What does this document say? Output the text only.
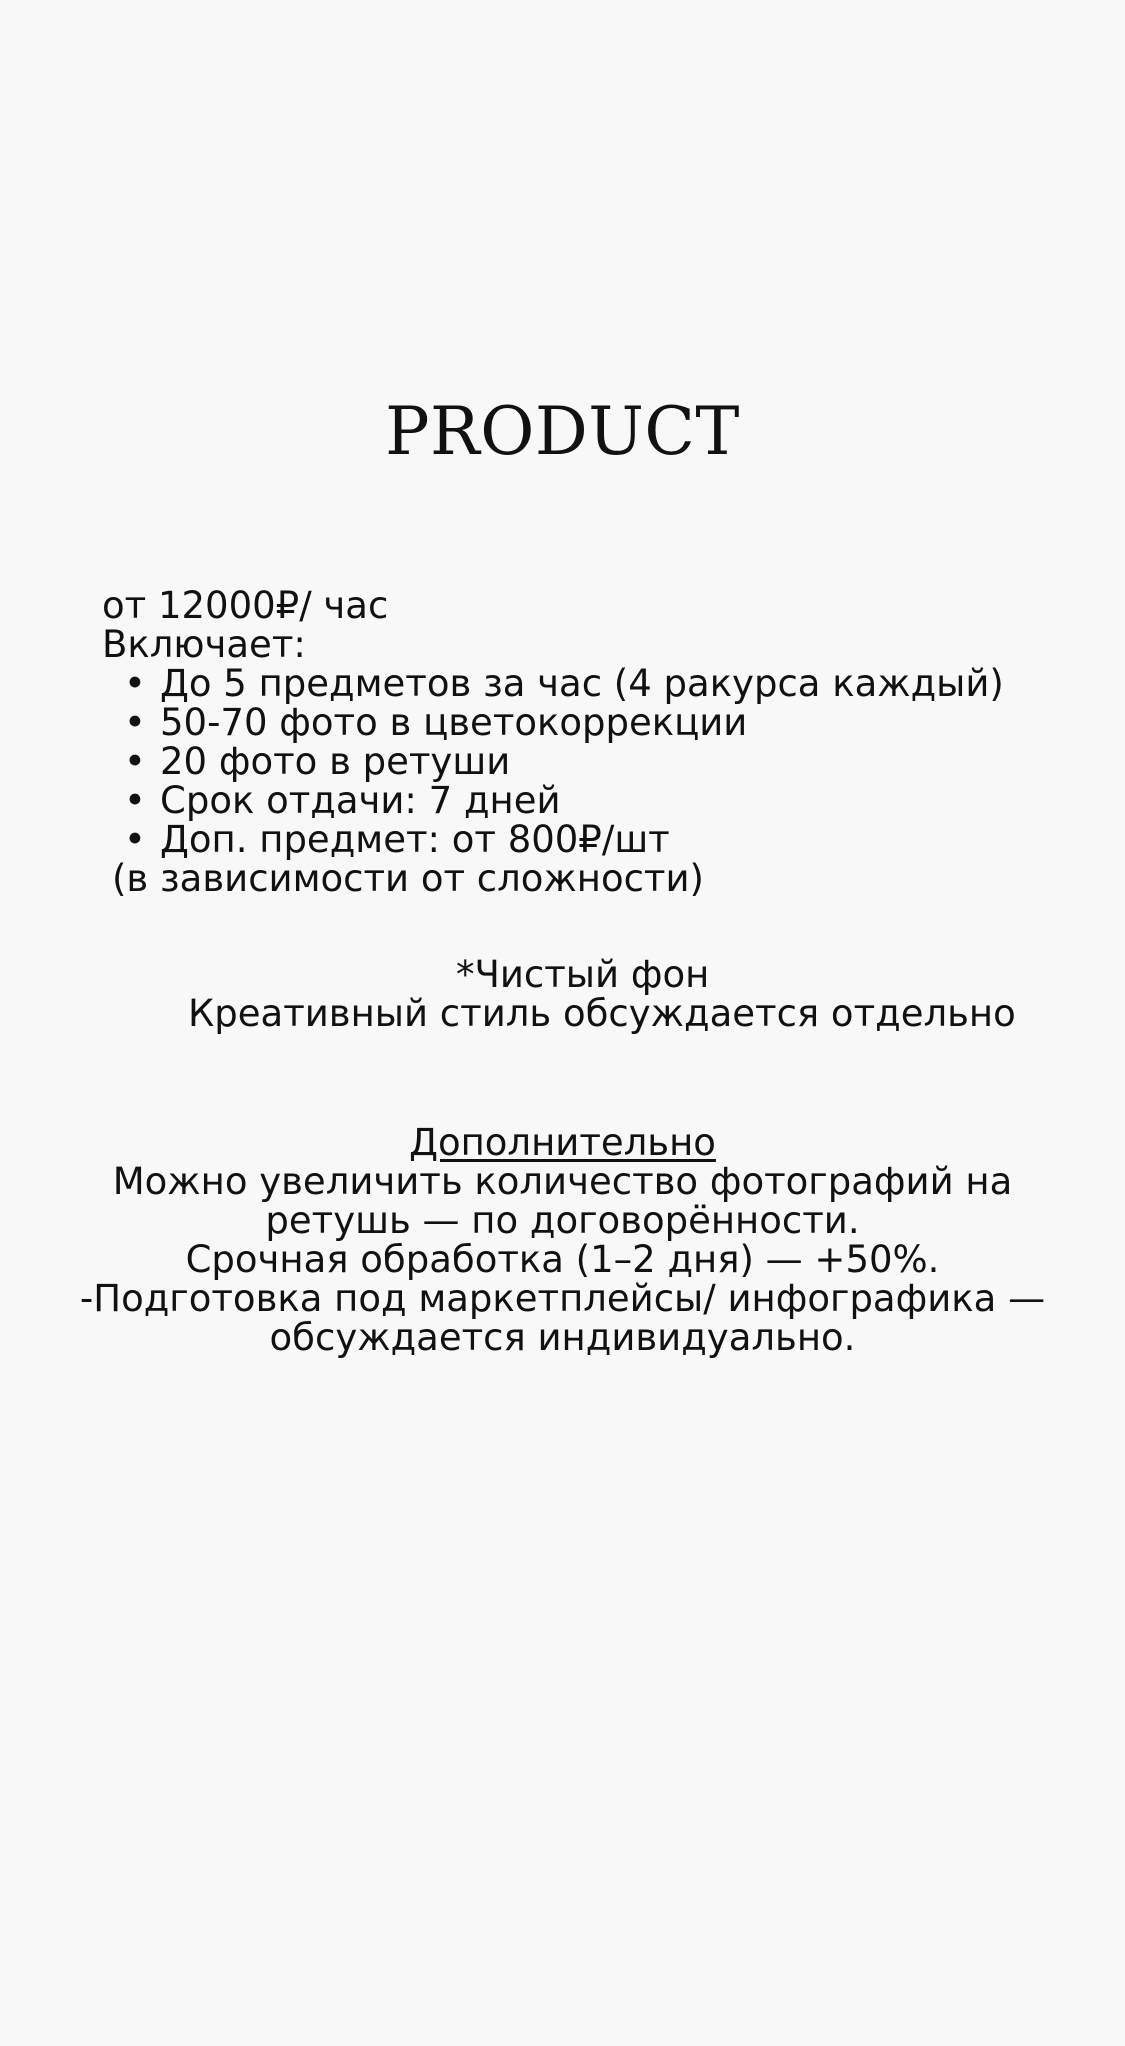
PRODUCT
от 12000₽/ час
Включает:
• До 5 предметов за час (4 ракурса каждый)
• 50-70 фото в цветокоррекции
• 20 фото в ретуши
• Срок отдачи: 7 дней
• Доп. предмет: от 800₽/шт
(в зависимости от сложности)
*Чистый фон
Креативный стиль обсуждается отдельно
Дополнительно
Можно увеличить количество фотографий на
ретушь — по договорённости.
Срочная обработка (1–2 дня) — +50%.
-Подготовка под маркетплейсы/ инфографика —
обсуждается индивидуально.
